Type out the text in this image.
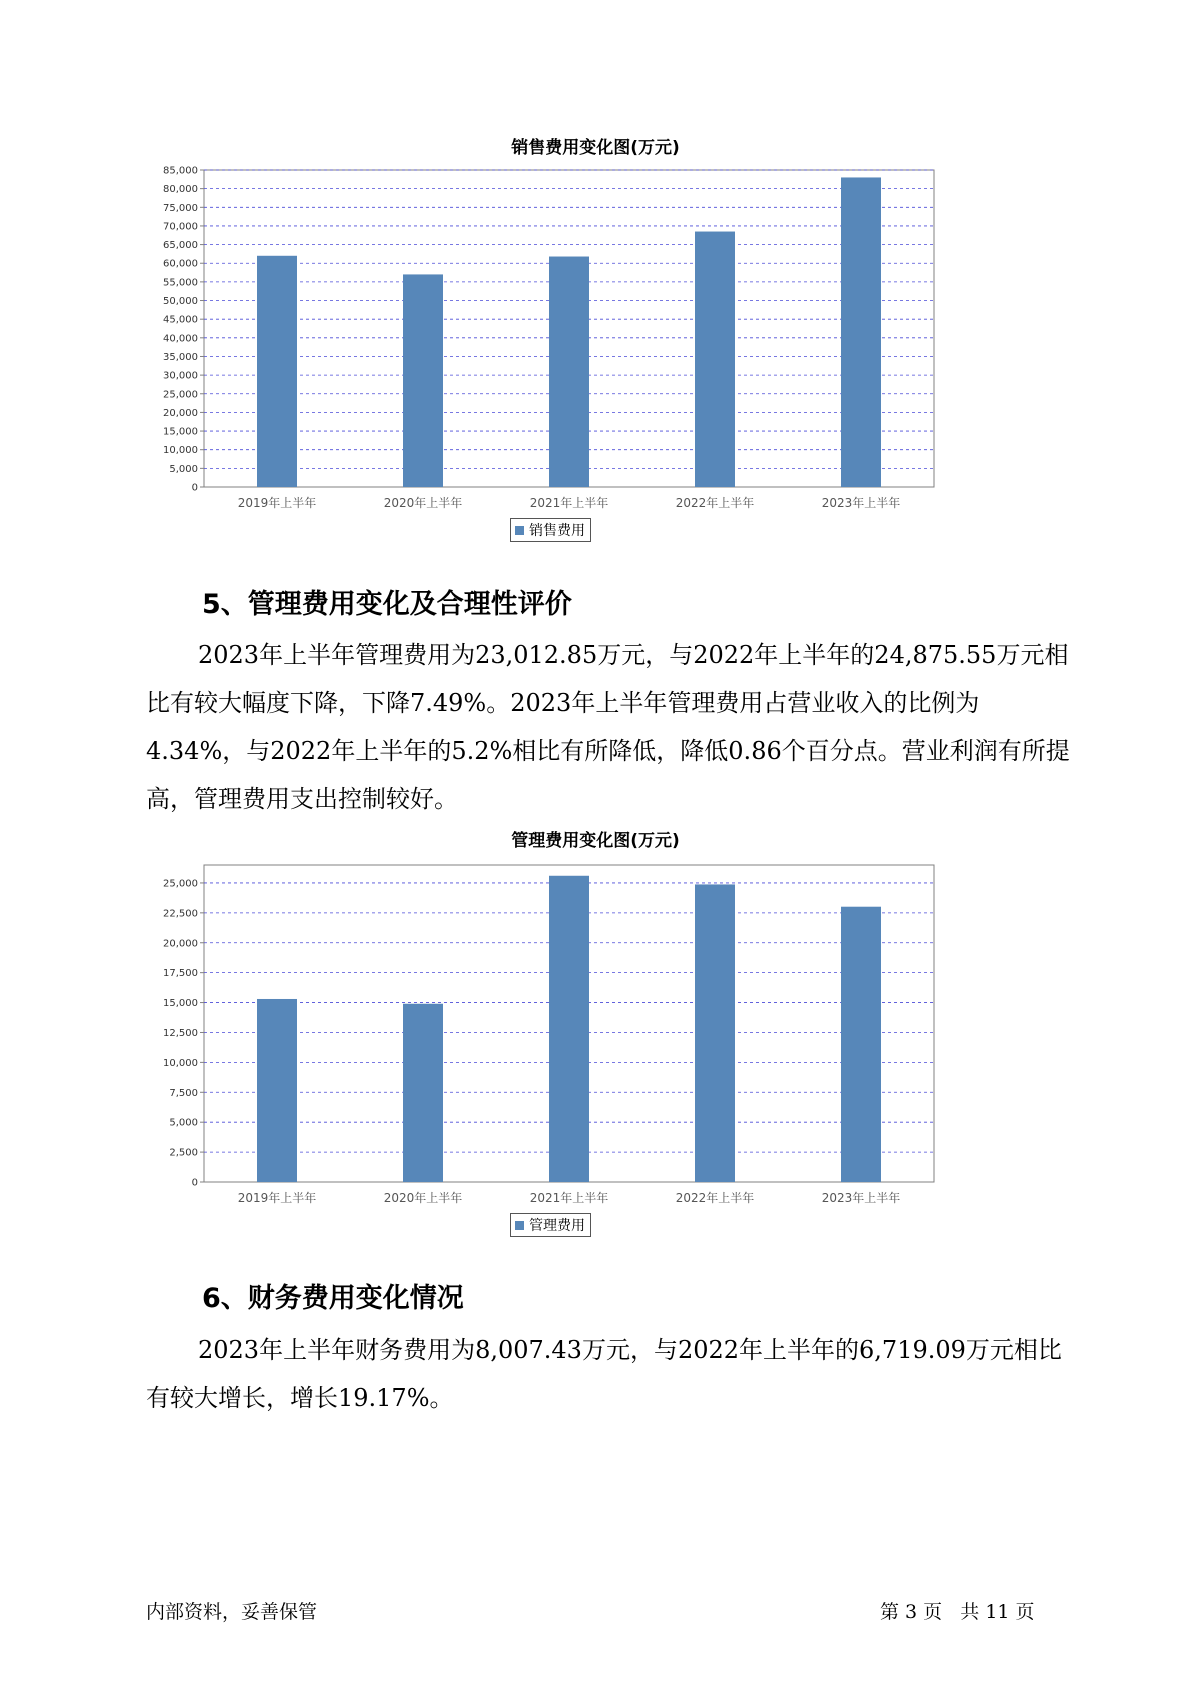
销售费用变化图(万元)
0
5,000
10,000
15,000
20,000
25,000
30,000
35,000
40,000
45,000
50,000
55,000
60,000
65,000
70,000
75,000
80,000
85,000
2019年上半年	2020年上半年	2021年上半年	2022年上半年	2023年上半年
销售费用
5、管理费用变化及合理性评价

2023年上半年管理费用为23,012.85万元，与2022年上半年的24,875.55万元相比有较大幅度下降，下降7.49%。2023年上半年管理费用占营业收入的比例为4.34%，与2022年上半年的5.2%相比有所降低，降低0.86个百分点。营业利润有所提高，管理费用支出控制较好。

管理费用变化图(万元)
0
2,500
5,000
7,500
10,000
12,500
15,000
17,500
20,000
22,500
25,000
2019年上半年	2020年上半年	2021年上半年	2022年上半年	2023年上半年
管理费用
6、财务费用变化情况

2023年上半年财务费用为8,007.43万元，与2022年上半年的6,719.09万元相比有较大增长，增长19.17%。

内部资料，妥善保管	第 3 页   共 11 页
